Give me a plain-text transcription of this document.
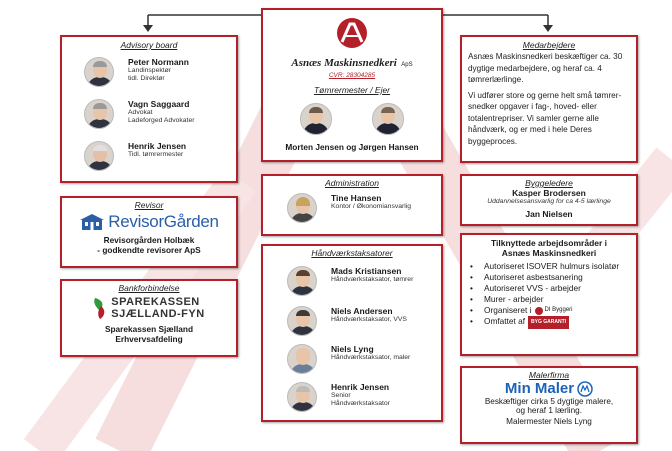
Advisory board
Peter Normann
Landinspektør
tidl. Direktør
Vagn Saggaard
Advokat
Ladeforged Advokater
Henrik Jensen
Tidl. tømrermester
Revisor
RevisorGården
Revisorgården Holbæk
- godkendte revisorer ApS
Bankforbindelse
SPAREKASSEN
SJÆLLAND-FYN
Sparekassen Sjælland
Erhvervsafdeling
Asnæs Maskinsnedkeri ApS
CVR: 28304285
Tømrermester / Ejer
Morten Jensen og Jørgen Hansen
Administration
Tine Hansen
Kontor / Økonomiansvarlig
Håndværkstaksatorer
Mads Kristiansen
Håndværkstaksator, tømrer
Niels Andersen
Håndværkstaksator, VVS
Niels Lyng
Håndværkstaksator, maler
Henrik Jensen
Senior
Håndværkstaksator
Medarbejdere
Asnæs Maskinsnedkeri beskæftiger ca. 30 dygtige medarbejdere, og heraf ca. 4 tømrerlærlinge.
Vi udfører store og gerne helt små tømrer-snedker opgaver i fag-, hoved- eller totalentrepriser. Vi samler gerne alle håndværk, og er med i hele Deres byggeproces.
Byggeledere
Kasper Brodersen
Uddannelsesansvarlig for ca 4-5 lærlinge
Jan Nielsen
Tilknyttede arbejdsområder i
Asnæs Maskinsnedkeri
•	Autoriseret ISOVER hulmurs isolatør
•	Autoriseret asbestsanering
•	Autoriseret VVS - arbejder
•	Murer - arbejder
•	Organiseret i DI Byggeri
•	Omfattet af	BYG GARANTI
Malerfirma
Min Maler
Beskæftiger cirka 5 dygtige malere,
og heraf 1 lærling.
Malermester Niels Lyng
